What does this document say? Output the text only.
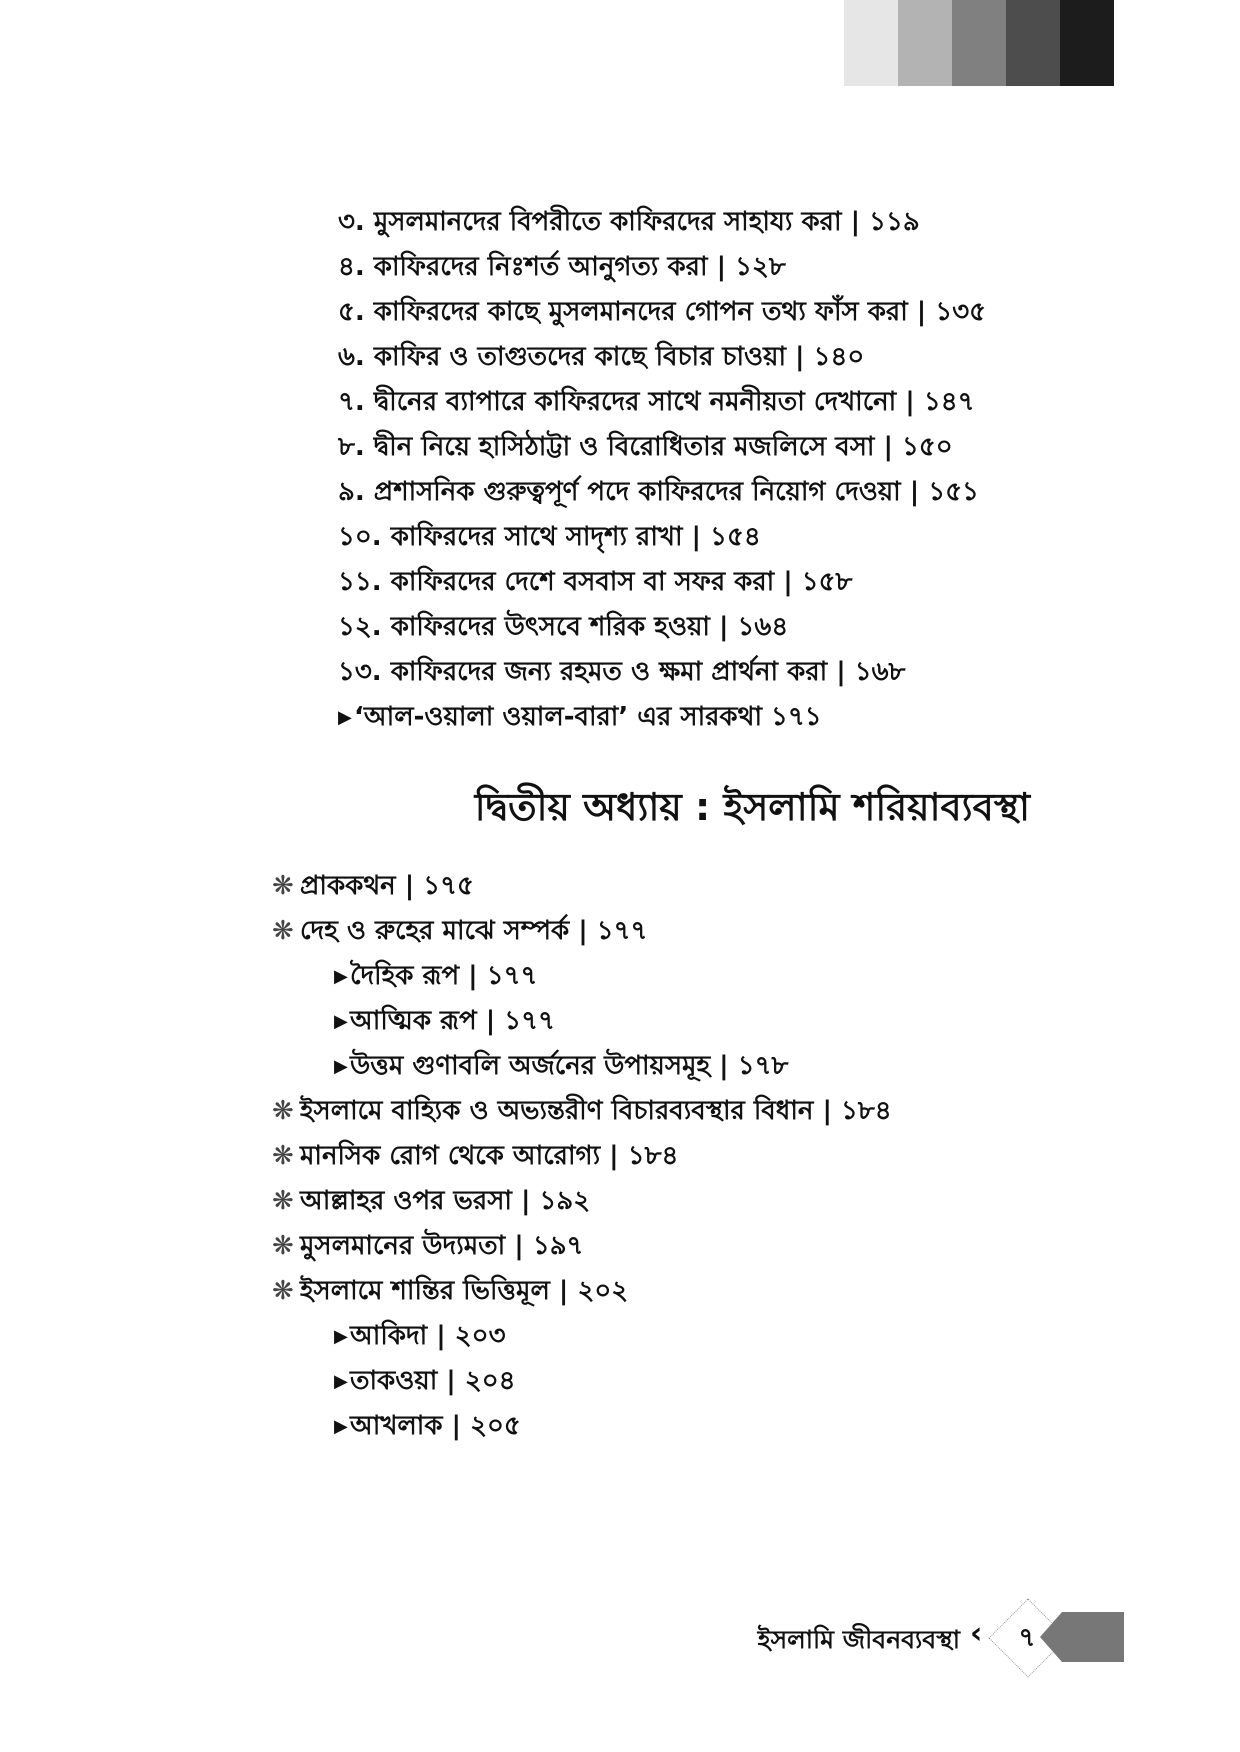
৩. মুসলমানদের বিপরীতে কাফিরদের সাহায্য করা | ১১৯
৪. কাফিরদের নিঃশর্ত আনুগত্য করা | ১২৮
৫. কাফিরদের কাছে মুসলমানদের গোপন তথ্য ফাঁস করা | ১৩৫
৬. কাফির ও তাগুতদের কাছে বিচার চাওয়া | ১৪০
৭. দ্বীনের ব্যাপারে কাফিরদের সাথে নমনীয়তা দেখানো | ১৪৭
৮. দ্বীন নিয়ে হাসিঠাট্টা ও বিরোধিতার মজলিসে বসা | ১৫০
৯. প্রশাসনিক গুরুত্বপূর্ণ পদে কাফিরদের নিয়োগ দেওয়া | ১৫১
১০. কাফিরদের সাথে সাদৃশ্য রাখা | ১৫৪
১১. কাফিরদের দেশে বসবাস বা সফর করা | ১৫৮
১২. কাফিরদের উৎসবে শরিক হওয়া | ১৬৪
১৩. কাফিরদের জন্য রহমত ও ক্ষমা প্রার্থনা করা | ১৬৮
▶‘আল-ওয়ালা ওয়াল-বারা’ এর সারকথা ১৭১
দ্বিতীয় অধ্যায় : ইসলামি শরিয়াব্যবস্থা
❋ প্রাককথন | ১৭৫
❋ দেহ ও রুহের মাঝে সম্পর্ক | ১৭৭
▶দৈহিক রূপ | ১৭৭
▶আত্মিক রূপ | ১৭৭
▶উত্তম গুণাবলি অর্জনের উপায়সমূহ | ১৭৮
❋ ইসলামে বাহ্যিক ও অভ্যন্তরীণ বিচারব্যবস্থার বিধান | ১৮৪
❋ মানসিক রোগ থেকে আরোগ্য | ১৮৪
❋ আল্লাহর ওপর ভরসা | ১৯২
❋ মুসলমানের উদ্যমতা | ১৯৭
❋ ইসলামে শান্তির ভিত্তিমূল | ২০২
▶আকিদা | ২০৩
▶তাকওয়া | ২০৪
▶আখলাক | ২০৫
ইসলামি জীবনব্যবস্থা ‹	৭
